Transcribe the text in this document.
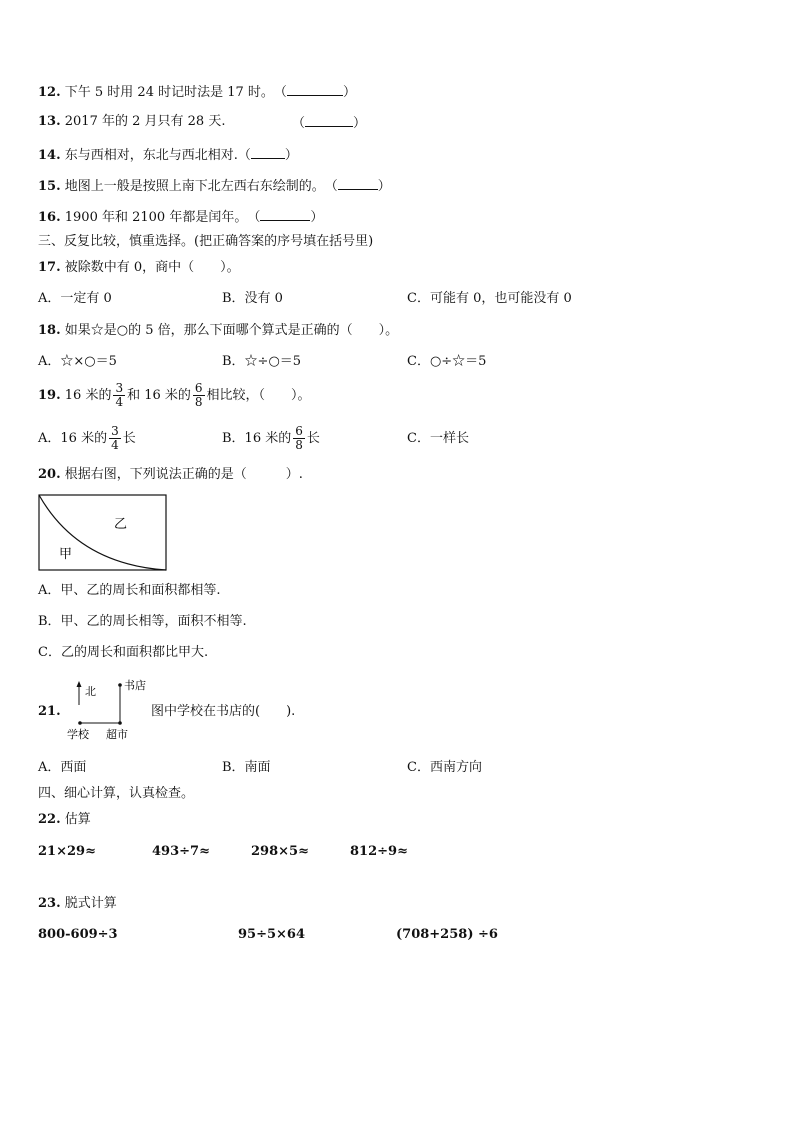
12. 下午 5 时用 24 时记时法是 17 时。（	）
13. 2017 年的 2 月只有 28 天.	（	）
14. 东与西相对，东北与西北相对.（	）
15. 地图上一般是按照上南下北左西右东绘制的。（	）
16. 1900 年和 2100 年都是闰年。（	）
三、反复比较，慎重选择。(把正确答案的序号填在括号里)
17. 被除数中有 0，商中（　　）。
A．一定有 0	B．没有 0	C．可能有 0，也可能没有 0
18. 如果☆是○的 5 倍，那么下面哪个算式是正确的（　　）。
A．☆×○＝5	B．☆÷○＝5	C．○÷☆＝5
19. 16 米的 $\frac{3}{4}$ 和 16 米的 $\frac{6}{8}$ 相比较，（　　）。
A．16 米的 $\frac{3}{4}$ 长	B．16 米的 $\frac{6}{8}$ 长	C．一样长
20. 根据右图，下列说法正确的是（　　　）.
乙
甲
A．甲、乙的周长和面积都相等.
B．甲、乙的周长相等，面积不相等.
C．乙的周长和面积都比甲大.
21.
北	书店
学校 超市
图中学校在书店的(　　).
A．西面	B．南面	C．西南方向
四、细心计算，认真检查。
22. 估算
21×29≈	493÷7≈	298×5≈	812÷9≈
23. 脱式计算
800-609÷3	95÷5×64	(708+258) ÷6
